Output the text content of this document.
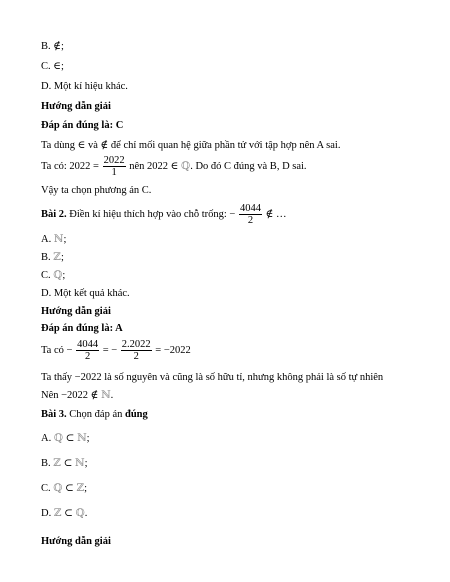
B. ∉;
C. ∈;
D. Một kí hiệu khác.
Hướng dẫn giải
Đáp án đúng là: C
Ta dùng ∈ và ∉ để chỉ mối quan hệ giữa phần tử với tập hợp nên A sai.
Ta có: $2022 = \frac{2022}{1}$ nên 2022 ∈ ℚ. Do đó C đúng và B, D sai.
Vậy ta chọn phương án C.
Bài 2. Điền kí hiệu thích hợp vào chỗ trống: − $\frac{4044}{2}$ ∉ …
A. ℕ;
B. ℤ;
C. ℚ;
D. Một kết quả khác.
Hướng dẫn giải
Đáp án đúng là: A
Ta có − $\frac{4044}{2}$ = − $\frac{2.2022}{2} = -2022$
Ta thấy −2022 là số nguyên và cũng là số hữu tỉ, nhưng không phải là số tự nhiên
Nên −2022 ∉ ℕ.
Bài 3. Chọn đáp án đúng
A. ℚ ⊂ ℕ;
B. ℤ ⊂ ℕ;
C. ℚ ⊂ ℤ;
D. ℤ ⊂ ℚ.
Hướng dẫn giải
